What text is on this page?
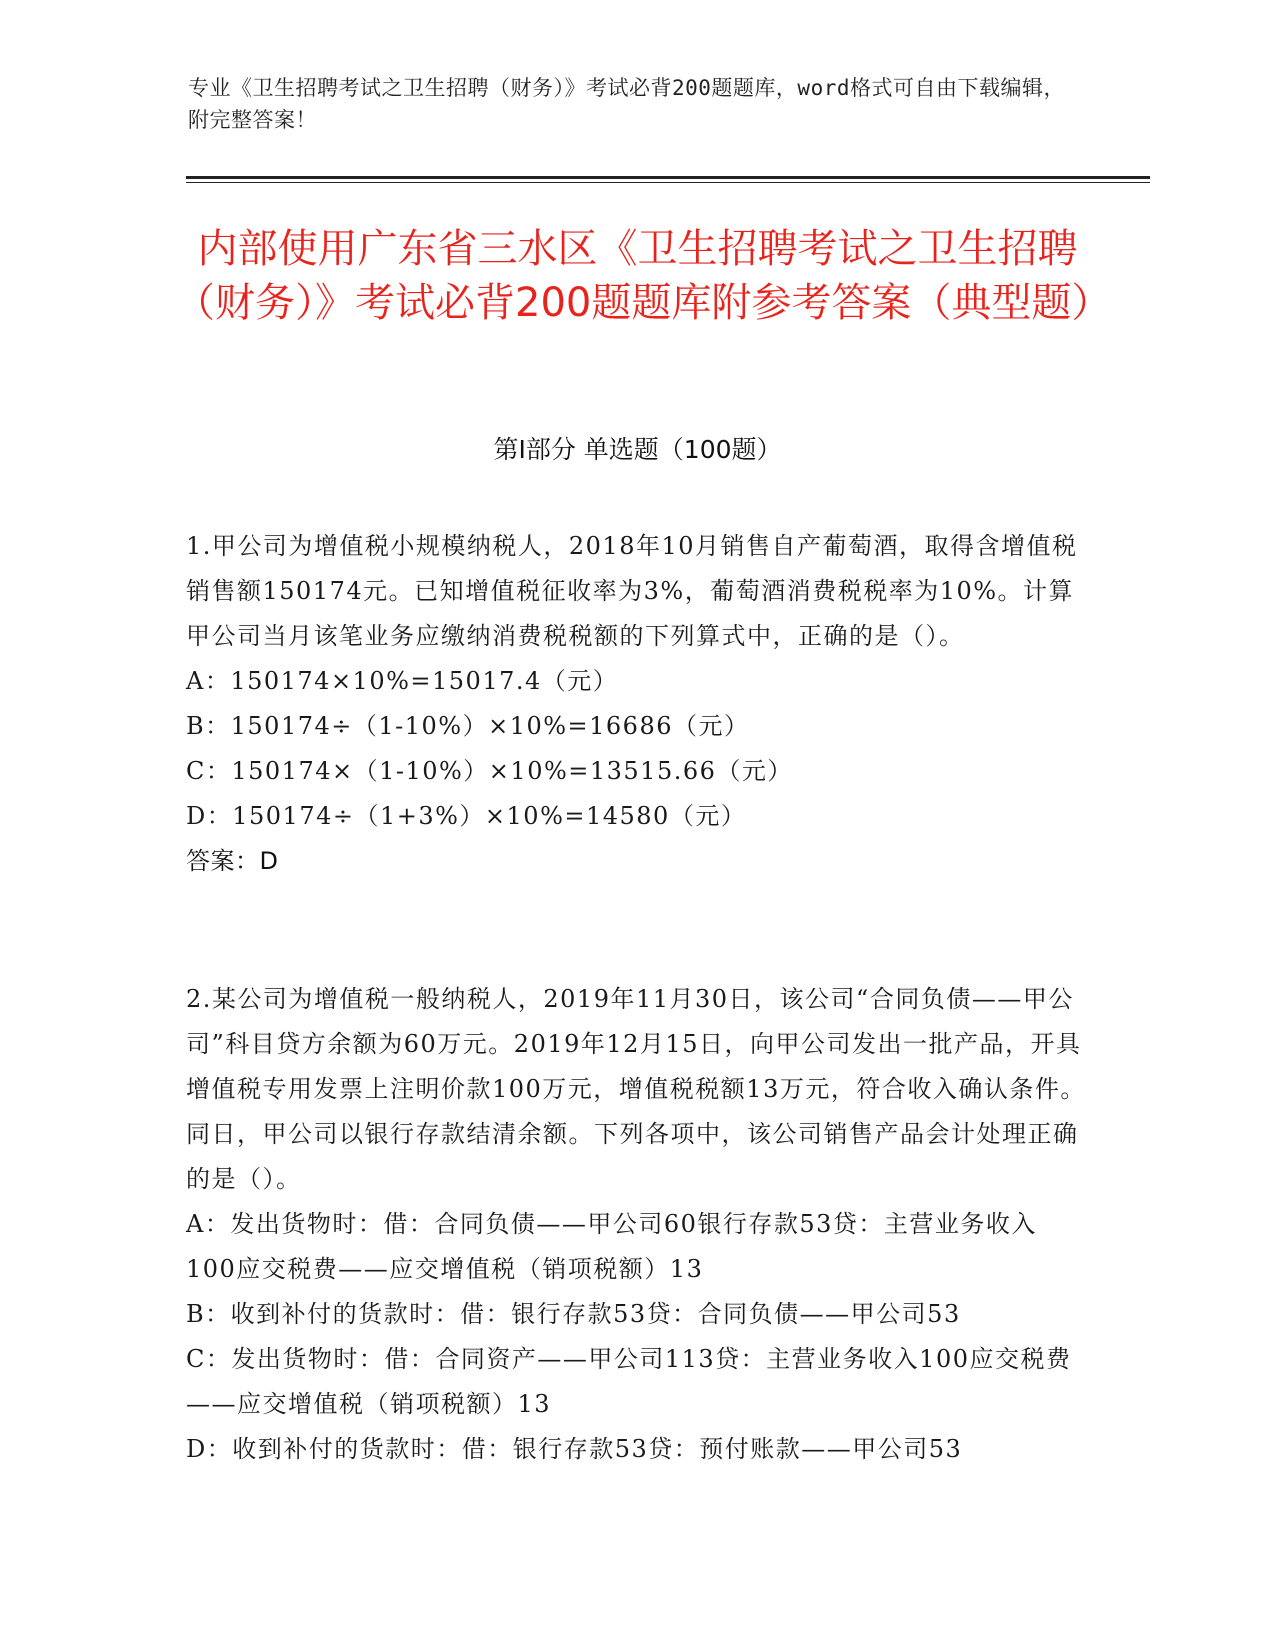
专业《卫生招聘考试之卫生招聘（财务）》考试必背200题题库，word格式可自由下载编辑，附完整答案！
内部使用广东省三水区《卫生招聘考试之卫生招聘（财务）》考试必背200题题库附参考答案（典型题）
第I部分 单选题（100题）
1.甲公司为增值税小规模纳税人，2018年10月销售自产葡萄酒，取得含增值税销售额150174元。已知增值税征收率为3%，葡萄酒消费税税率为10%。计算甲公司当月该笔业务应缴纳消费税税额的下列算式中，正确的是（）。
A：150174×10%=15017.4（元）
B：150174÷（1-10%）×10%=16686（元）
C：150174×（1-10%）×10%=13515.66（元）
D：150174÷（1+3%）×10%=14580（元）
答案：D
2.某公司为增值税一般纳税人，2019年11月30日，该公司“合同负债——甲公司”科目贷方余额为60万元。2019年12月15日，向甲公司发出一批产品，开具增值税专用发票上注明价款100万元，增值税税额13万元，符合收入确认条件。同日，甲公司以银行存款结清余额。下列各项中，该公司销售产品会计处理正确的是（）。
A：发出货物时：借：合同负债——甲公司60银行存款53贷：主营业务收入100应交税费——应交增值税（销项税额）13
B：收到补付的货款时：借：银行存款53贷：合同负债——甲公司53
C：发出货物时：借：合同资产——甲公司113贷：主营业务收入100应交税费——应交增值税（销项税额）13
D：收到补付的货款时：借：银行存款53贷：预付账款——甲公司53
